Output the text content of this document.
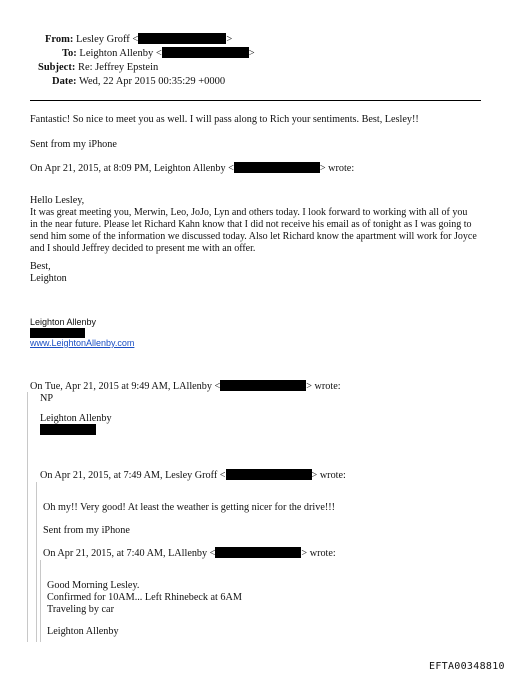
From: Lesley Groff <	>
To: Leighton Allenby <	>
Subject: Re: Jeffrey Epstein
Date: Wed, 22 Apr 2015 00:35:29 +0000
Fantastic! So nice to meet you as well. I will pass along to Rich your sentiments. Best, Lesley!!
Sent from my iPhone
On Apr 21, 2015, at 8:09 PM, Leighton Allenby <	> wrote:
Hello Lesley,
It was great meeting you, Merwin, Leo, JoJo, Lyn and others today. I look forward to working with all of you
in the near future. Please let Richard Kahn know that I did not receive his email as of tonight as I was going to
send him some of the information we discussed today. Also let Richard know the apartment will work for Joyce
and I should Jeffrey decided to present me with an offer.
Best,
Leighton
Leighton Allenby
www.LeightonAllenby.com
On Tue, Apr 21, 2015 at 9:49 AM, LAllenby <	> wrote:
NP
Leighton Allenby
On Apr 21, 2015, at 7:49 AM, Lesley Groff <	> wrote:
Oh my!! Very good! At least the weather is getting nicer for the drive!!!
Sent from my iPhone
On Apr 21, 2015, at 7:40 AM, LAllenby <	> wrote:
Good Morning Lesley.
Confirmed for 10AM... Left Rhinebeck at 6AM
Traveling by car
Leighton Allenby
EFTA00348810
